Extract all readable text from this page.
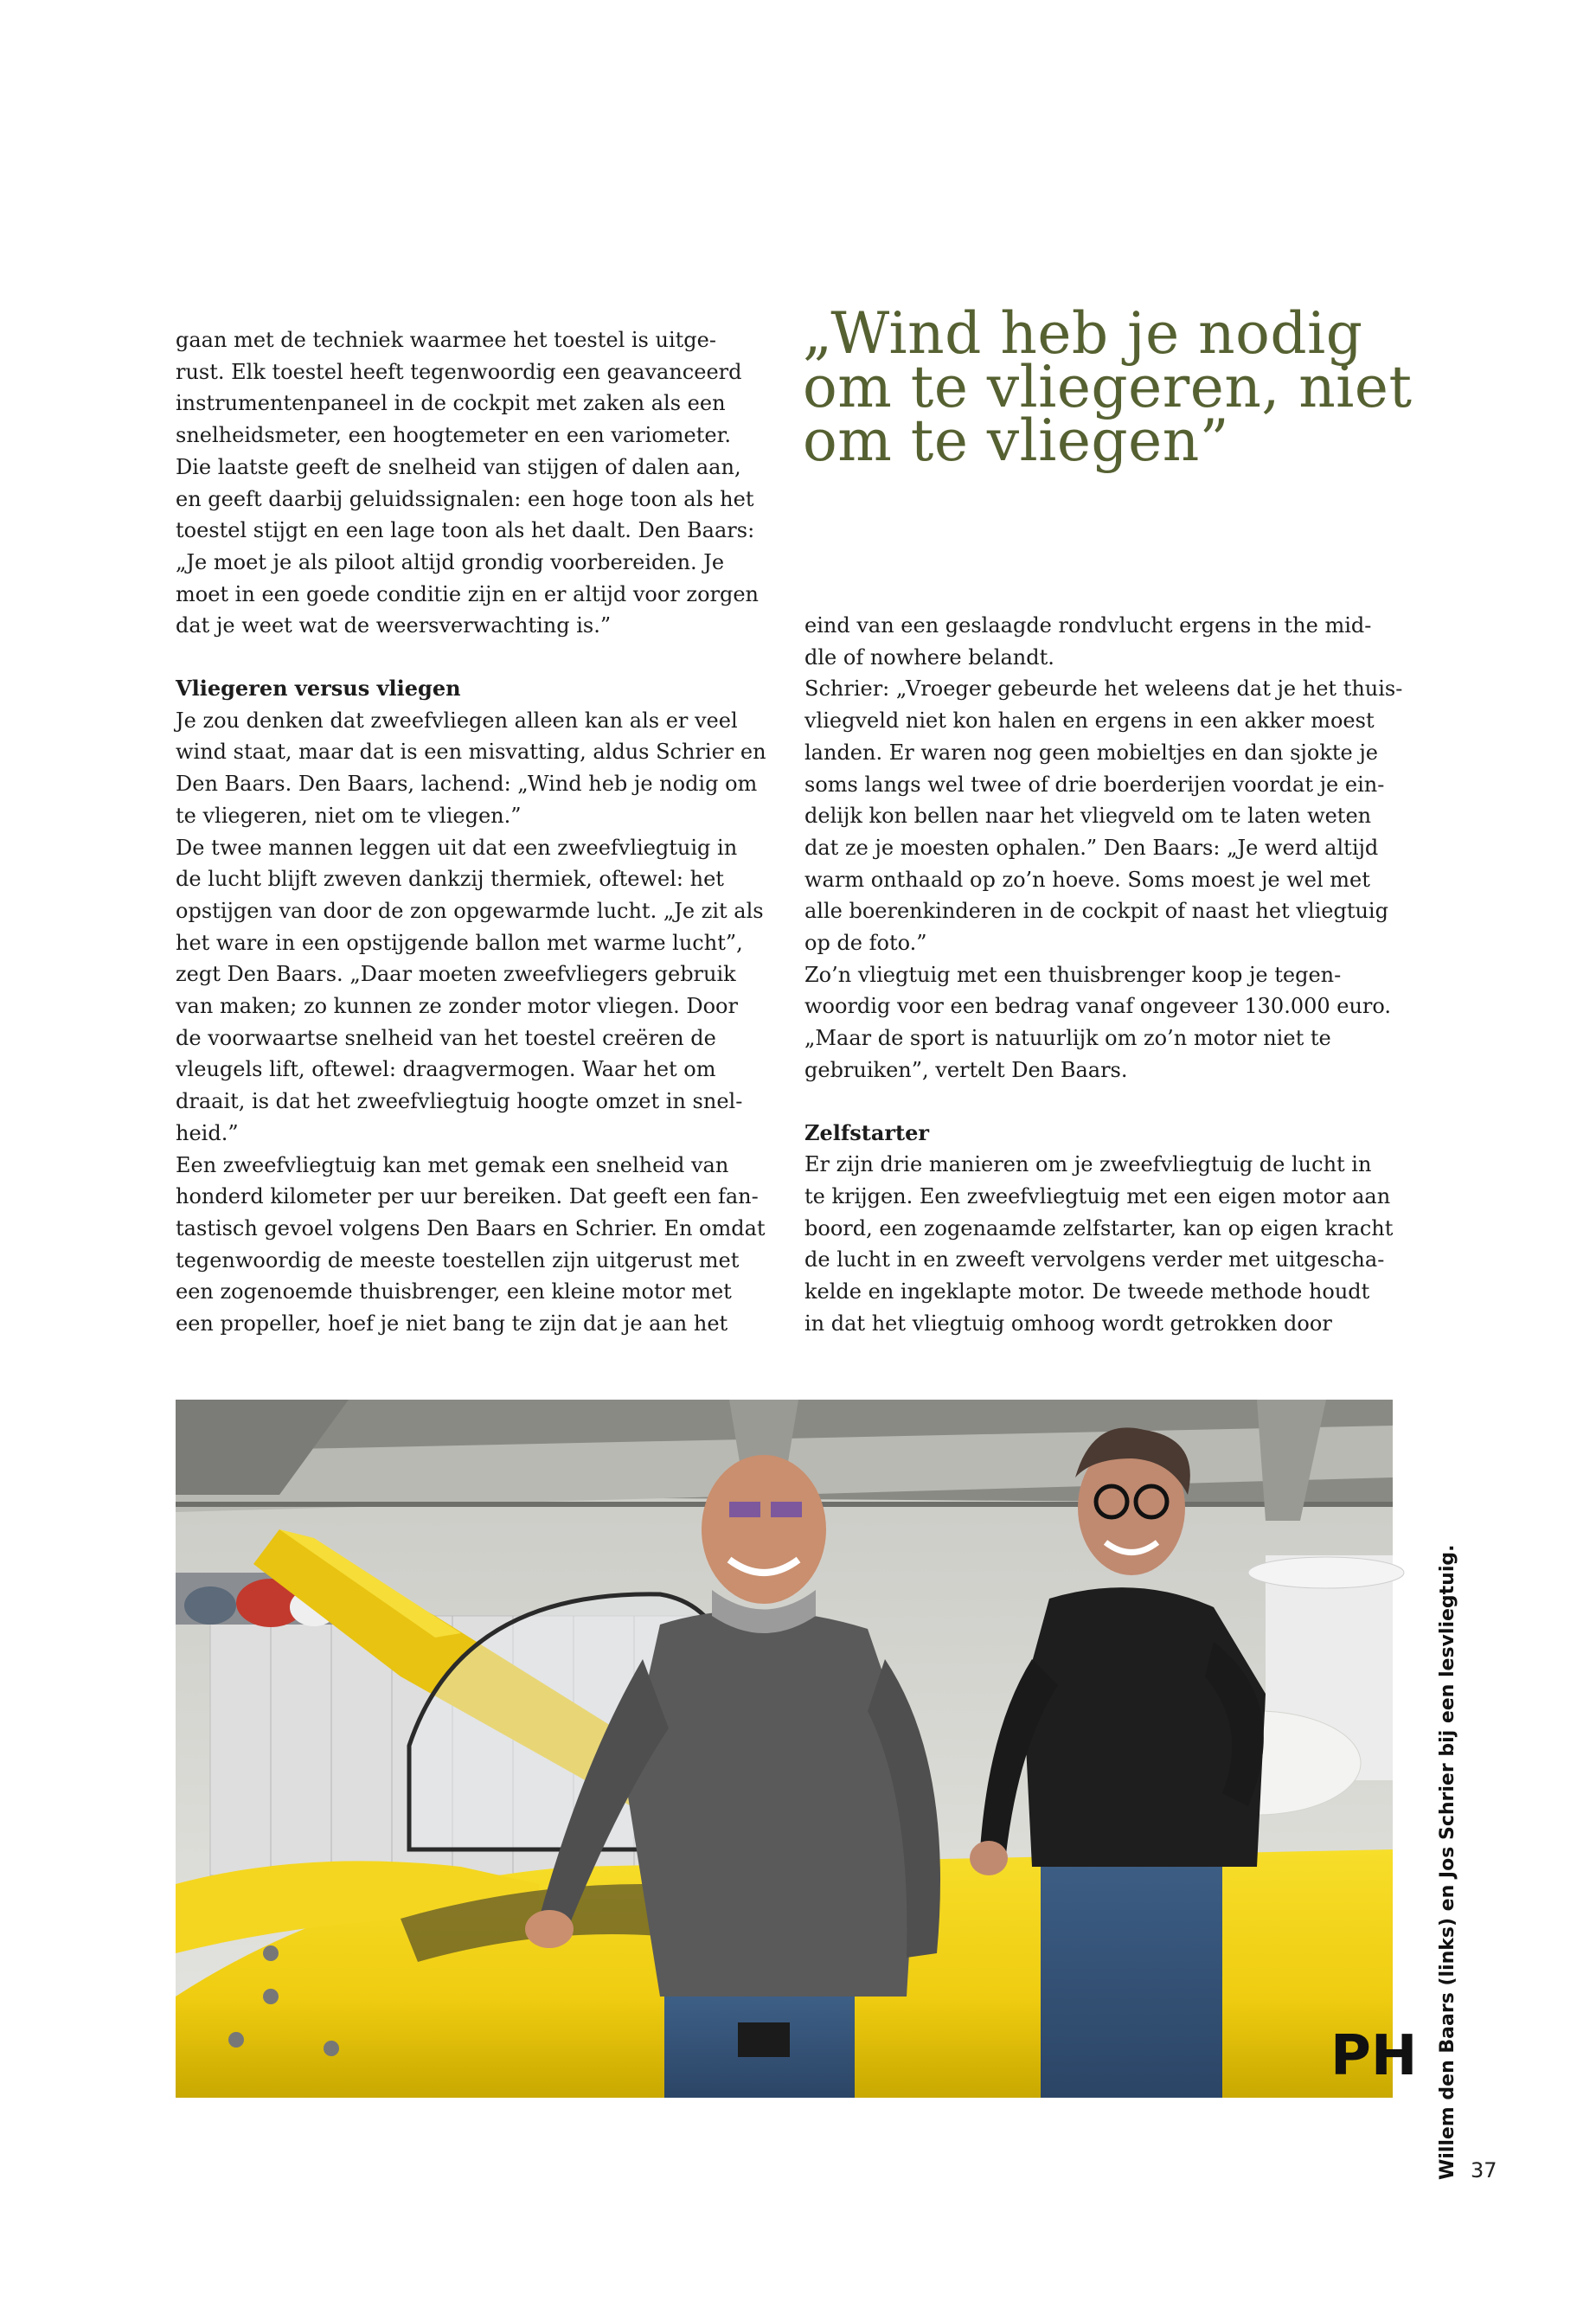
gaan met de techniek waarmee het toestel is uitge-
rust. Elk toestel heeft tegenwoordig een geavanceerd
instrumentenpaneel in de cockpit met zaken als een
snelheidsmeter, een hoogtemeter en een variometer.
Die laatste geeft de snelheid van stijgen of dalen aan,
en geeft daarbij geluidssignalen: een hoge toon als het
toestel stijgt en een lage toon als het daalt. Den Baars:
„Je moet je als piloot altijd grondig voorbereiden. Je
moet in een goede conditie zijn en er altijd voor zorgen
dat je weet wat de weersverwachting is.”

Vliegeren versus vliegen

Je zou denken dat zweefvliegen alleen kan als er veel
wind staat, maar dat is een misvatting, aldus Schrier en
Den Baars. Den Baars, lachend: „Wind heb je nodig om
te vliegeren, niet om te vliegen.”
De twee mannen leggen uit dat een zweefvliegtuig in
de lucht blijft zweven dankzij thermiek, oftewel: het
opstijgen van door de zon opgewarmde lucht. „Je zit als
het ware in een opstijgende ballon met warme lucht”,
zegt Den Baars. „Daar moeten zweefvliegers gebruik
van maken; zo kunnen ze zonder motor vliegen. Door
de voorwaartse snelheid van het toestel creëren de
vleugels lift, oftewel: draagvermogen. Waar het om
draait, is dat het zweefvliegtuig hoogte omzet in snel-
heid.”
Een zweefvliegtuig kan met gemak een snelheid van
honderd kilometer per uur bereiken. Dat geeft een fan-
tastisch gevoel volgens Den Baars en Schrier. En omdat
tegenwoordig de meeste toestellen zijn uitgerust met
een zogenoemde thuisbrenger, een kleine motor met
een propeller, hoef je niet bang te zijn dat je aan het

„Wind heb je nodig
om te vliegeren, niet
om te vliegen”

eind van een geslaagde rondvlucht ergens in the mid-
dle of nowhere belandt.
Schrier: „Vroeger gebeurde het weleens dat je het thuis-
vliegveld niet kon halen en ergens in een akker moest
landen. Er waren nog geen mobieltjes en dan sjokte je
soms langs wel twee of drie boerderijen voordat je ein-
delijk kon bellen naar het vliegveld om te laten weten
dat ze je moesten ophalen.” Den Baars: „Je werd altijd
warm onthaald op zo’n hoeve. Soms moest je wel met
alle boerenkinderen in de cockpit of naast het vliegtuig
op de foto.”
Zo’n vliegtuig met een thuisbrenger koop je tegen-
woordig voor een bedrag vanaf ongeveer 130.000 euro.
„Maar de sport is natuurlijk om zo’n motor niet te
gebruiken”, vertelt Den Baars.

Zelfstarter

Er zijn drie manieren om je zweefvliegtuig de lucht in
te krijgen. Een zweefvliegtuig met een eigen motor aan
boord, een zogenaamde zelfstarter, kan op eigen kracht
de lucht in en zweeft vervolgens verder met uitgescha-
kelde en ingeklapte motor. De tweede methode houdt
in dat het vliegtuig omhoog wordt getrokken door

PH Willem den Baars (links) en Jos Schrier bij een lesvliegtuig. 37
